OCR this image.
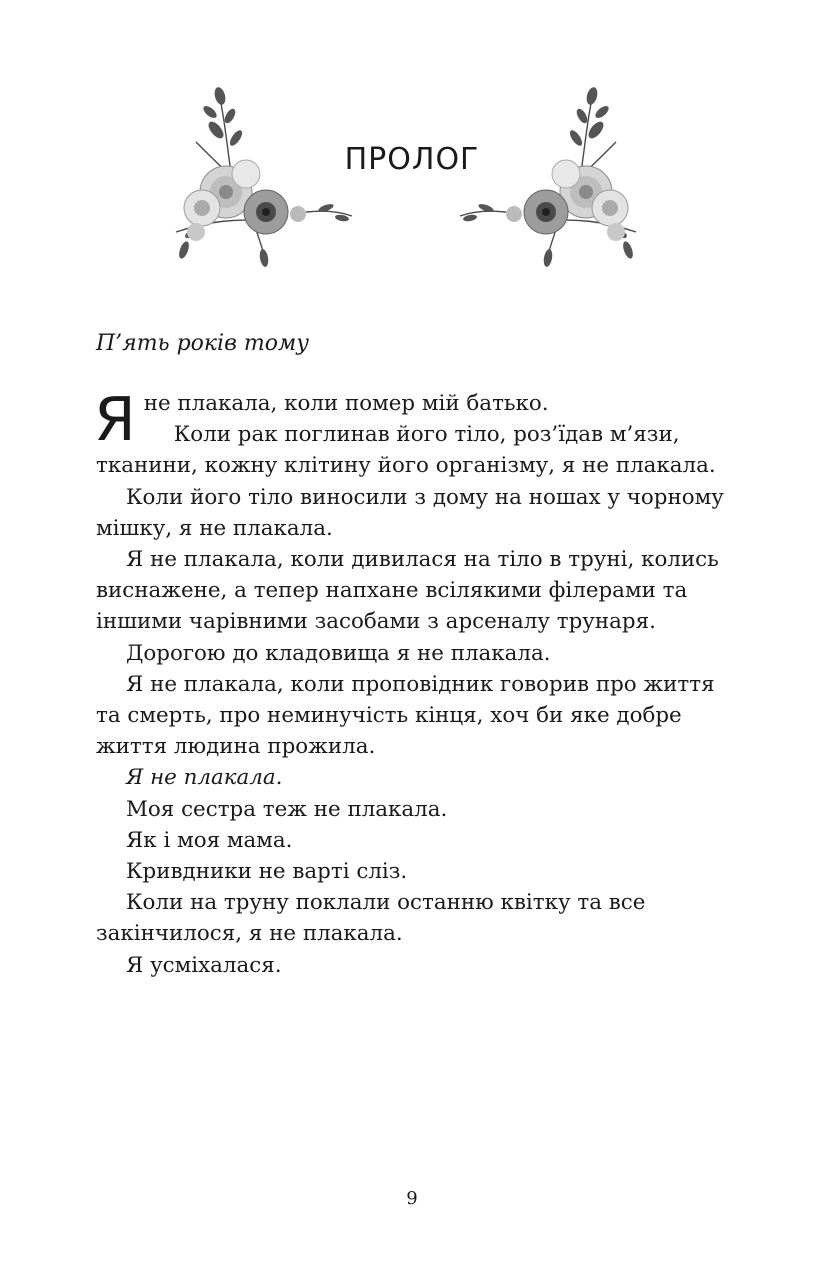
ПРОЛОГ

П’ять років тому

Яне плакала, коли помер мій батько.

Коли рак поглинав його тіло, роз’їдав м’язи, тканини, кожну клітину його організму, я не плакала.

Коли його тіло виносили з дому на ношах у чорному мішку, я не плакала.

Я не плакала, коли дивилася на тіло в труні, колись виснажене, а тепер напхане всілякими філерами та іншими чарівними засобами з арсеналу трунаря.

Дорогою до кладовища я не плакала.

Я не плакала, коли проповідник говорив про життя та смерть, про неминучість кінця, хоч би яке добре життя людина прожила.

Я не плакала.

Моя сестра теж не плакала.

Як і моя мама.

Кривдники не варті сліз.

Коли на труну поклали останню квітку та все закінчилося, я не плакала.

Я усміхалася.

9
